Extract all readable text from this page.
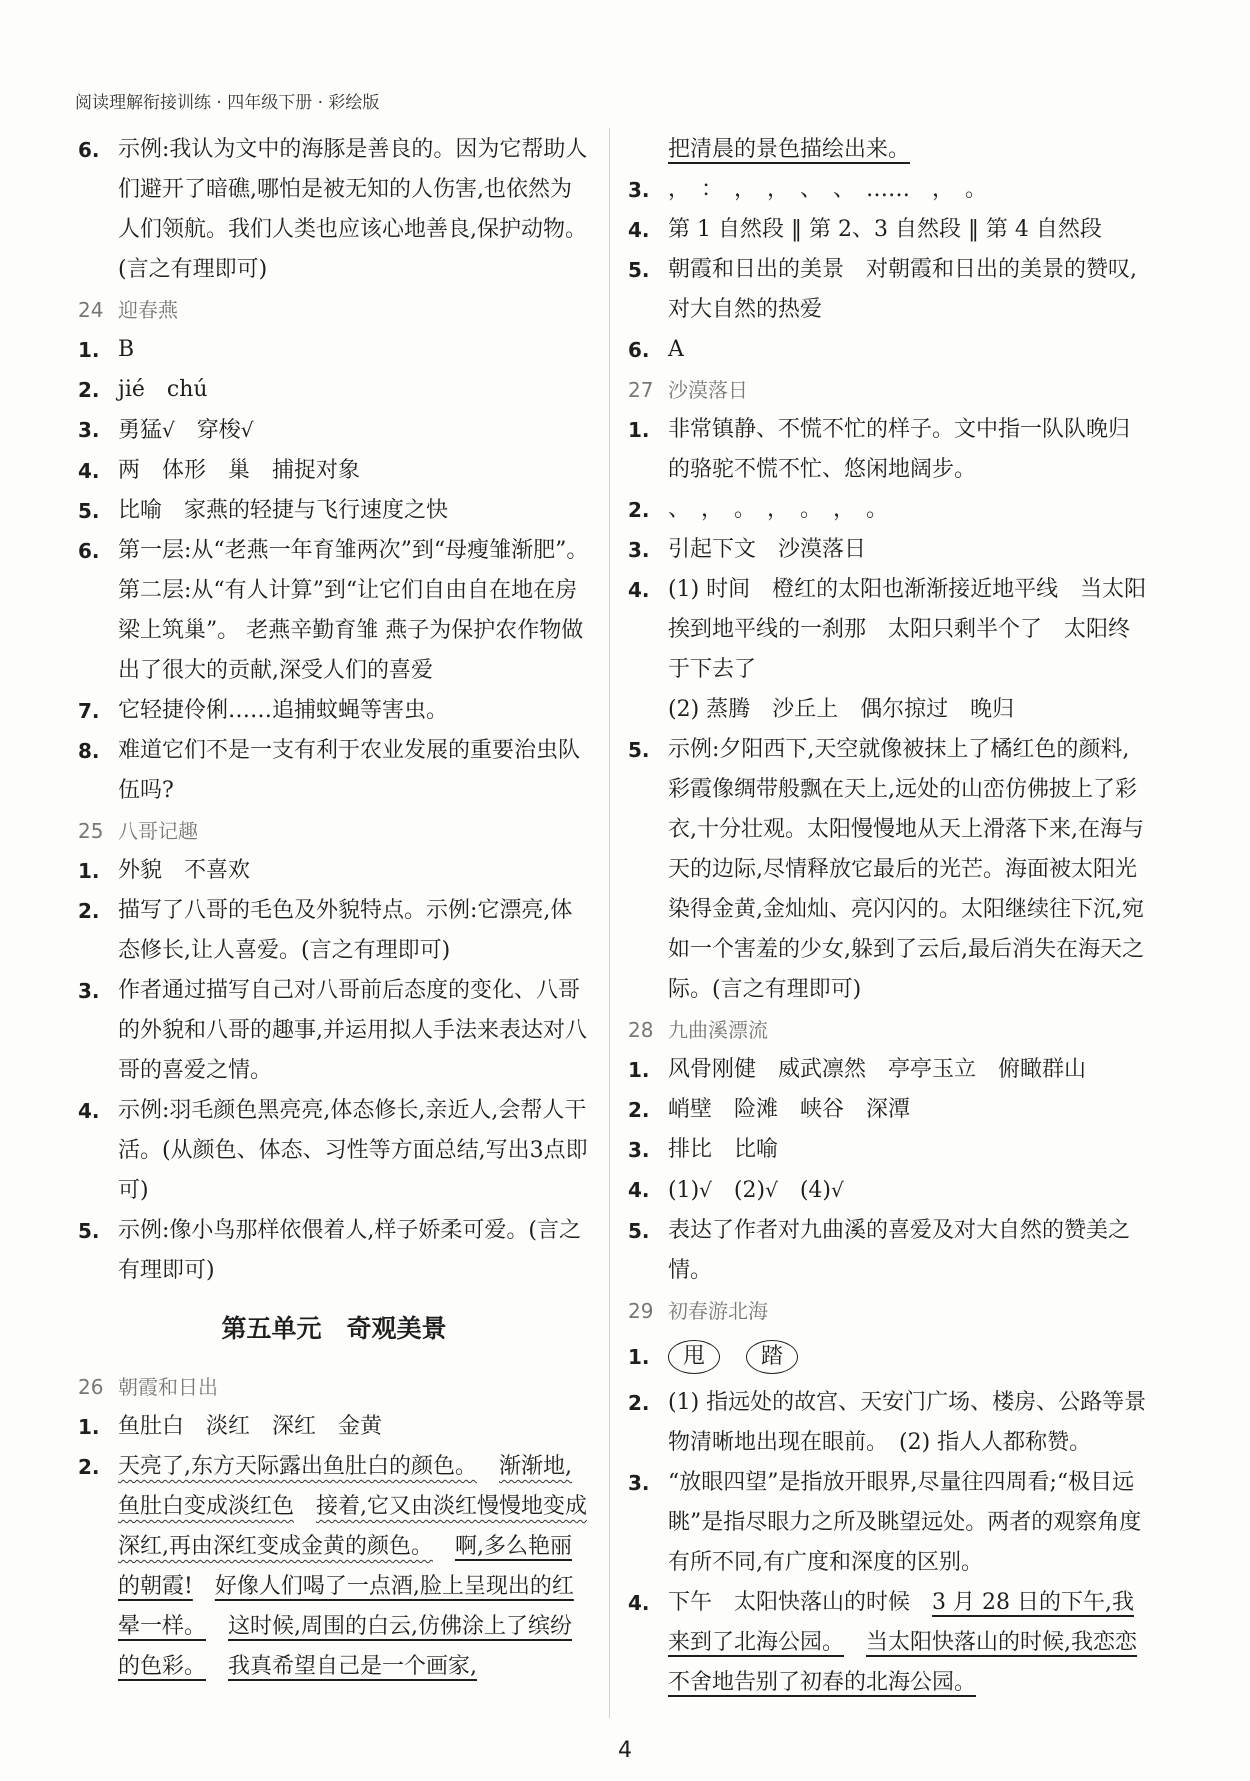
阅读理解衔接训练 · 四年级下册 · 彩绘版
6. 示例:我认为文中的海豚是善良的。因为它帮助人们避开了暗礁,哪怕是被无知的人伤害,也依然为人们领航。我们人类也应该心地善良,保护动物。(言之有理即可)
24 迎春燕
1. B
2. jié chú
3. 勇猛√ 穿梭√
4. 两 体形 巢 捕捉对象
5. 比喻 家燕的轻捷与飞行速度之快
6. 第一层:从“老燕一年育雏两次”到“母瘦雏渐肥”。 第二层:从“有人计算”到“让它们自由自在地在房梁上筑巢”。 老燕辛勤育雏 燕子为保护农作物做出了很大的贡献,深受人们的喜爱
7. 它轻捷伶俐……追捕蚊蝇等害虫。
8. 难道它们不是一支有利于农业发展的重要治虫队伍吗?
25 八哥记趣
1. 外貌 不喜欢
2. 描写了八哥的毛色及外貌特点。示例:它漂亮,体态修长,让人喜爱。(言之有理即可)
3. 作者通过描写自己对八哥前后态度的变化、八哥的外貌和八哥的趣事,并运用拟人手法来表达对八哥的喜爱之情。
4. 示例:羽毛颜色黑亮亮,体态修长,亲近人,会帮人干活。(从颜色、体态、习性等方面总结,写出3点即可)
5. 示例:像小鸟那样依偎着人,样子娇柔可爱。(言之有理即可)
第五单元　奇观美景
26 朝霞和日出
1. 鱼肚白 淡红 深红 金黄
2. 天亮了,东方天际露出鱼肚白的颜色。 渐渐地,鱼肚白变成淡红色 接着,它又由淡红慢慢地变成深红,再由深红变成金黄的颜色。 啊,多么艳丽的朝霞! 好像人们喝了一点酒,脸上呈现出的红晕一样。 这时候,周围的白云,仿佛涂上了缤纷的色彩。 我真希望自己是一个画家,
把清晨的景色描绘出来。
3. ，　：　，　，　、　、　……　，　。
4. 第 1 自然段 ‖ 第 2、3 自然段 ‖ 第 4 自然段
5. 朝霞和日出的美景　对朝霞和日出的美景的赞叹,对大自然的热爱
6. A
27 沙漠落日
1. 非常镇静、不慌不忙的样子。文中指一队队晚归的骆驼不慌不忙、悠闲地阔步。
2. 、　，　。　，　。　，　。
3. 引起下文 沙漠落日
4. (1) 时间　橙红的太阳也渐渐接近地平线　当太阳挨到地平线的一刹那　太阳只剩半个了　太阳终于下去了
(2) 蒸腾　沙丘上　偶尔掠过　晚归
5. 示例:夕阳西下,天空就像被抹上了橘红色的颜料,彩霞像绸带般飘在天上,远处的山峦仿佛披上了彩衣,十分壮观。太阳慢慢地从天上滑落下来,在海与天的边际,尽情释放它最后的光芒。海面被太阳光染得金黄,金灿灿、亮闪闪的。太阳继续往下沉,宛如一个害羞的少女,躲到了云后,最后消失在海天之际。(言之有理即可)
28 九曲溪漂流
1. 风骨刚健 威武凛然 亭亭玉立 俯瞰群山
2. 峭壁 险滩 峡谷 深潭
3. 排比 比喻
4. (1)√ (2)√ (4)√
5. 表达了作者对九曲溪的喜爱及对大自然的赞美之情。
29 初春游北海
1.	甩	踏
2. (1) 指远处的故宫、天安门广场、楼房、公路等景物清晰地出现在眼前。　(2) 指人人都称赞。
3. “放眼四望”是指放开眼界,尽量往四周看;“极目远眺”是指尽眼力之所及眺望远处。两者的观察角度有所不同,有广度和深度的区别。
4. 下午 太阳快落山的时候 3 月 28 日的下午,我来到了北海公园。 当太阳快落山的时候,我恋恋不舍地告别了初春的北海公园。
4
